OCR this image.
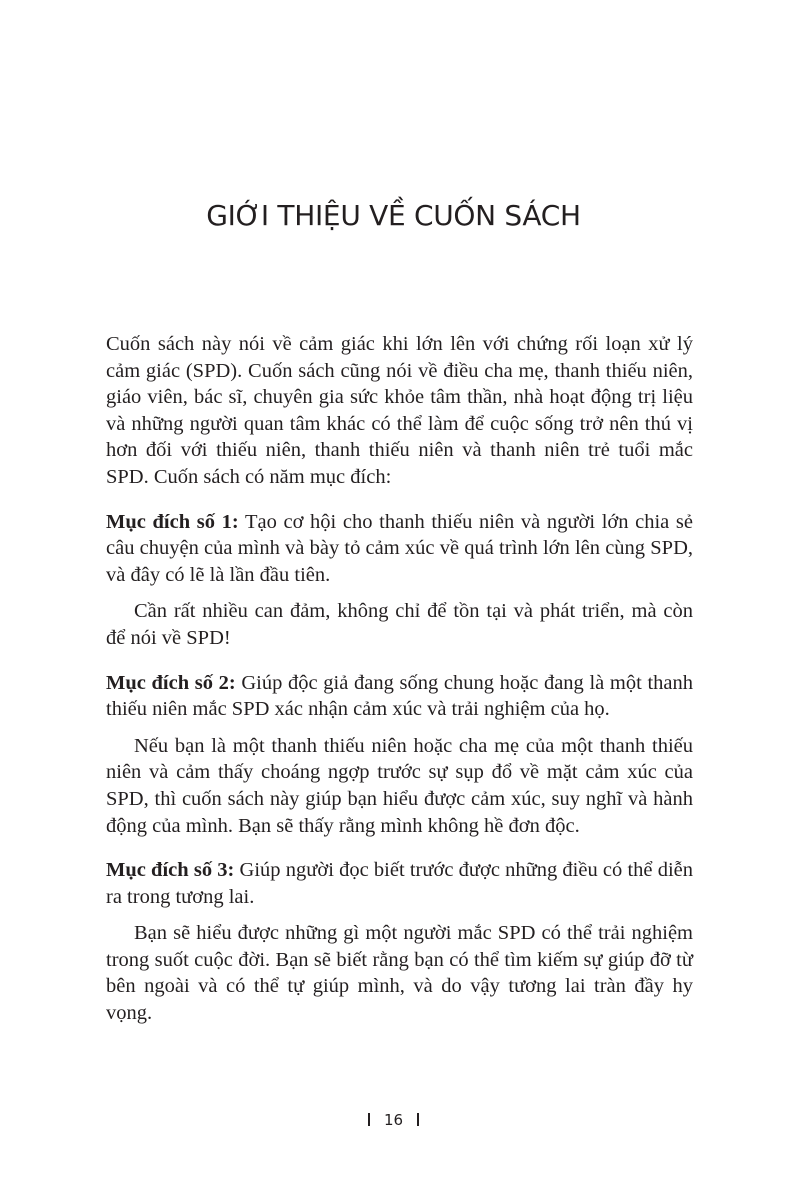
GIỚI THIỆU VỀ CUỐN SÁCH

Cuốn sách này nói về cảm giác khi lớn lên với chứng rối loạn xử lý cảm giác (SPD). Cuốn sách cũng nói về điều cha mẹ, thanh thiếu niên, giáo viên, bác sĩ, chuyên gia sức khỏe tâm thần, nhà hoạt động trị liệu và những người quan tâm khác có thể làm để cuộc sống trở nên thú vị hơn đối với thiếu niên, thanh thiếu niên và thanh niên trẻ tuổi mắc SPD. Cuốn sách có năm mục đích:

Mục đích số 1: Tạo cơ hội cho thanh thiếu niên và người lớn chia sẻ câu chuyện của mình và bày tỏ cảm xúc về quá trình lớn lên cùng SPD, và đây có lẽ là lần đầu tiên.

Cần rất nhiều can đảm, không chỉ để tồn tại và phát triển, mà còn để nói về SPD!

Mục đích số 2: Giúp độc giả đang sống chung hoặc đang là một thanh thiếu niên mắc SPD xác nhận cảm xúc và trải nghiệm của họ.

Nếu bạn là một thanh thiếu niên hoặc cha mẹ của một thanh thiếu niên và cảm thấy choáng ngợp trước sự sụp đổ về mặt cảm xúc của SPD, thì cuốn sách này giúp bạn hiểu được cảm xúc, suy nghĩ và hành động của mình. Bạn sẽ thấy rằng mình không hề đơn độc.

Mục đích số 3: Giúp người đọc biết trước được những điều có thể diễn ra trong tương lai.

Bạn sẽ hiểu được những gì một người mắc SPD có thể trải nghiệm trong suốt cuộc đời. Bạn sẽ biết rằng bạn có thể tìm kiếm sự giúp đỡ từ bên ngoài và có thể tự giúp mình, và do vậy tương lai tràn đầy hy vọng.

16
